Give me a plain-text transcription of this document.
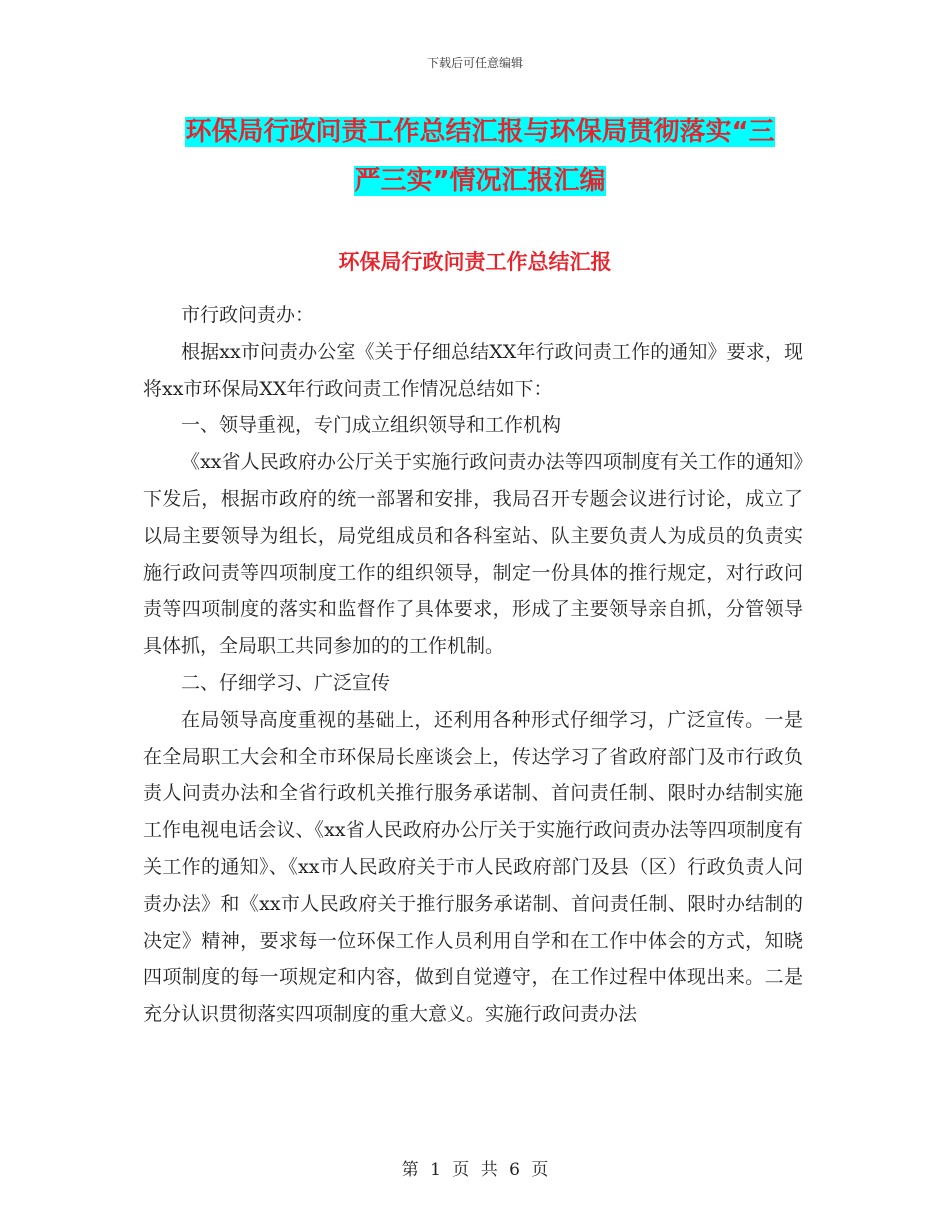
下载后可任意编辑
环保局行政问责工作总结汇报与环保局贯彻落实“三
严三实”情况汇报汇编
环保局行政问责工作总结汇报

市行政问责办：

根据xx市问责办公室《关于仔细总结XX年行政问责工作的通知》要求，现将xx市环保局XX年行政问责工作情况总结如下：

一、领导重视，专门成立组织领导和工作机构

《xx省人民政府办公厅关于实施行政问责办法等四项制度有关工作的通知》下发后，根据市政府的统一部署和安排，我局召开专题会议进行讨论，成立了以局主要领导为组长，局党组成员和各科室站、队主要负责人为成员的负责实施行政问责等四项制度工作的组织领导，制定一份具体的推行规定，对行政问责等四项制度的落实和监督作了具体要求，形成了主要领导亲自抓，分管领导具体抓，全局职工共同参加的的工作机制。

二、仔细学习、广泛宣传

在局领导高度重视的基础上，还利用各种形式仔细学习，广泛宣传。一是在全局职工大会和全市环保局长座谈会上，传达学习了省政府部门及市行政负责人问责办法和全省行政机关推行服务承诺制、首问责任制、限时办结制实施工作电视电话会议、《xx省人民政府办公厅关于实施行政问责办法等四项制度有关工作的通知》、《xx市人民政府关于市人民政府部门及县（区）行政负责人问责办法》和《xx市人民政府关于推行服务承诺制、首问责任制、限时办结制的决定》精神，要求每一位环保工作人员利用自学和在工作中体会的方式，知晓四项制度的每一项规定和内容，做到自觉遵守，在工作过程中体现出来。二是充分认识贯彻落实四项制度的重大意义。实施行政问责办法

第 1 页 共 6 页
